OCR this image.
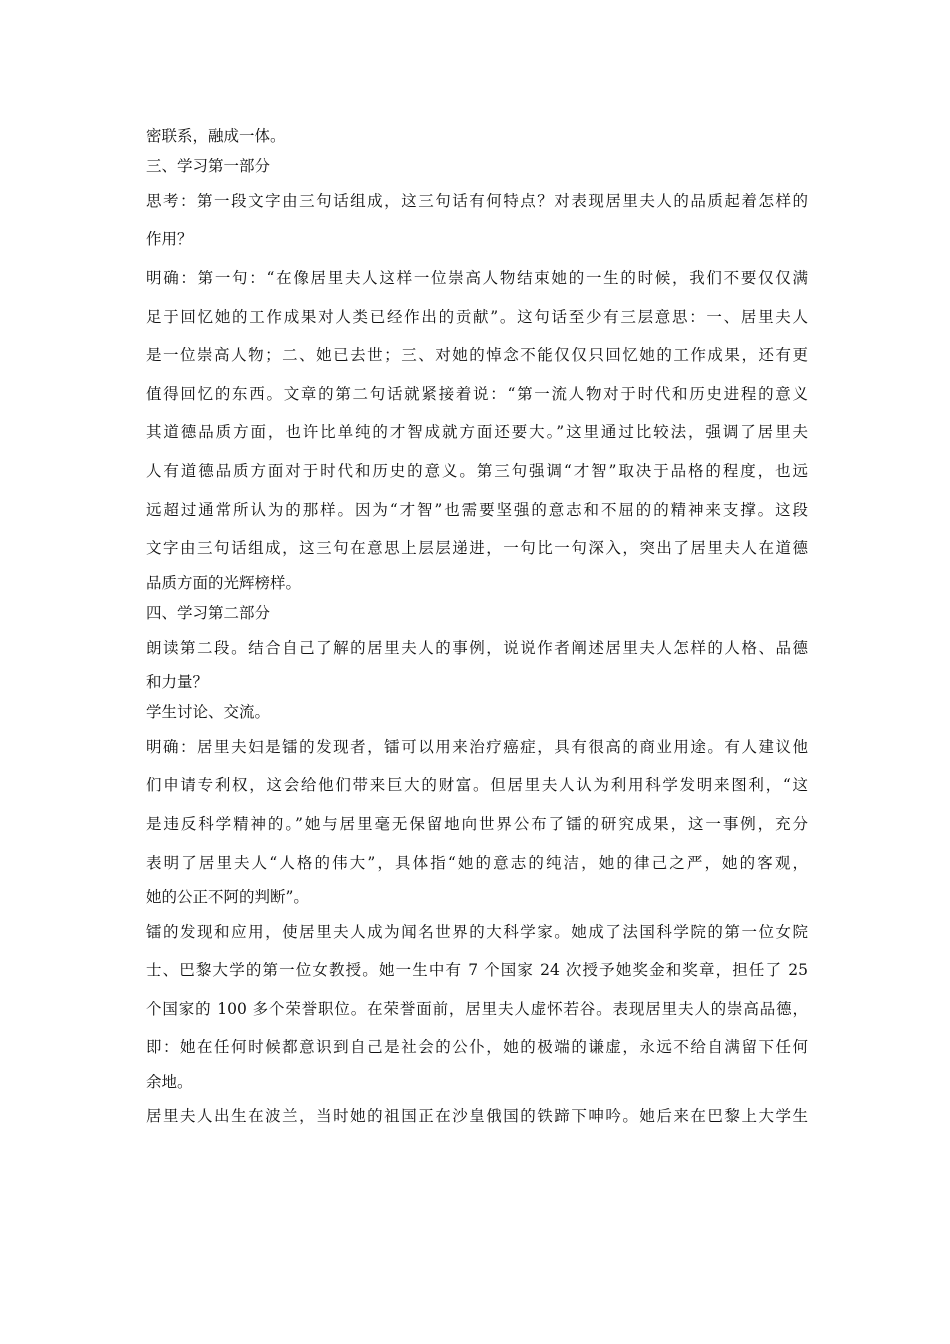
密联系，融成一体。
三、学习第一部分
思考：第一段文字由三句话组成，这三句话有何特点？对表现居里夫人的品质起着怎样的
作用？
明确：第一句：“在像居里夫人这样一位崇高人物结束她的一生的时候，我们不要仅仅满
足于回忆她的工作成果对人类已经作出的贡献”。这句话至少有三层意思：一、居里夫人
是一位崇高人物；二、她已去世；三、对她的悼念不能仅仅只回忆她的工作成果，还有更
值得回忆的东西。文章的第二句话就紧接着说：“第一流人物对于时代和历史进程的意义
其道德品质方面，也许比单纯的才智成就方面还要大。”这里通过比较法，强调了居里夫
人有道德品质方面对于时代和历史的意义。第三句强调“才智”取决于品格的程度，也远
远超过通常所认为的那样。因为“才智”也需要坚强的意志和不屈的的精神来支撑。这段
文字由三句话组成，这三句在意思上层层递进，一句比一句深入，突出了居里夫人在道德
品质方面的光辉榜样。
四、学习第二部分
朗读第二段。结合自己了解的居里夫人的事例，说说作者阐述居里夫人怎样的人格、品德
和力量？
学生讨论、交流。
明确：居里夫妇是镭的发现者，镭可以用来治疗癌症，具有很高的商业用途。有人建议他
们申请专利权，这会给他们带来巨大的财富。但居里夫人认为利用科学发明来图利，“这
是违反科学精神的。”她与居里毫无保留地向世界公布了镭的研究成果，这一事例，充分
表明了居里夫人“人格的伟大”，具体指“她的意志的纯洁，她的律己之严，她的客观，
她的公正不阿的判断”。
镭的发现和应用，使居里夫人成为闻名世界的大科学家。她成了法国科学院的第一位女院
士、巴黎大学的第一位女教授。她一生中有 7 个国家 24 次授予她奖金和奖章，担任了 25
个国家的 100 多个荣誉职位。在荣誉面前，居里夫人虚怀若谷。表现居里夫人的崇高品德，
即：她在任何时候都意识到自己是社会的公仆，她的极端的谦虚，永远不给自满留下任何
余地。
居里夫人出生在波兰，当时她的祖国正在沙皇俄国的铁蹄下呻吟。她后来在巴黎上大学生
